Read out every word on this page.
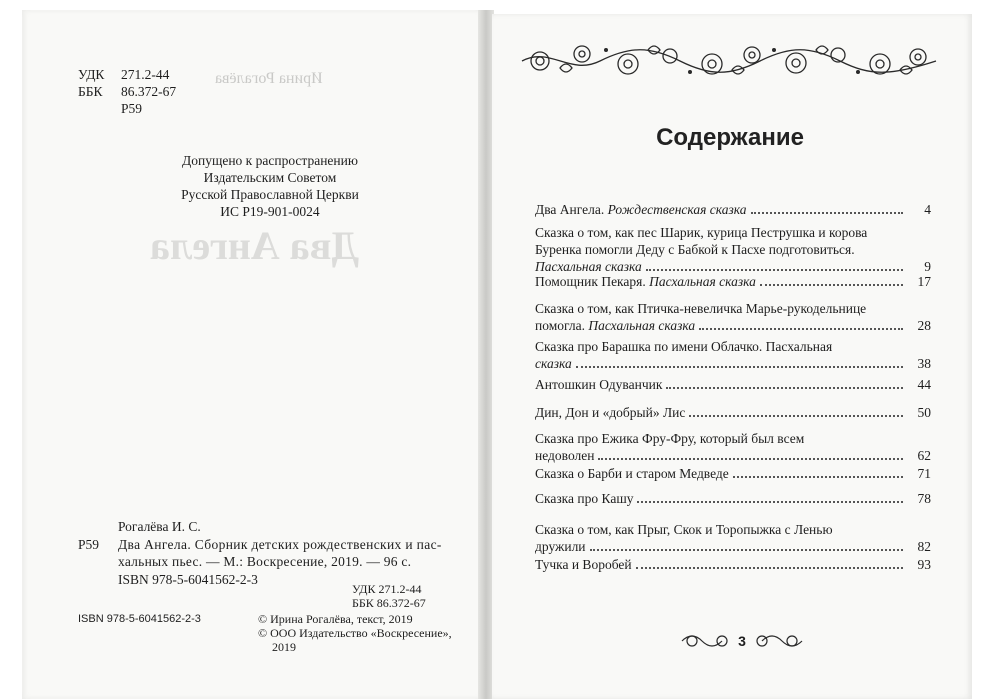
Ирина Рогалёва
Два Ангела
УДК 271.2-44
ББК 86.372-67
Р59
Допущено к распространению
Издательским Советом
Русской Православной Церкви
ИС Р19-901-0024
Рогалёва И. С.
Р59 Два Ангела. Сборник детских рождественских и пас-
хальных пьес. — М.: Воскресение, 2019. — 96 с.
ISBN 978-5-6041562-2-3
УДК 271.2-44
ББК 86.372-67
ISBN 978-5-6041562-2-3	© Ирина Рогалёва, текст, 2019
© ООО Издательство «Воскресение»,
2019
Содержание
Два Ангела. Рождественская сказка	4
Сказка о том, как пес Шарик, курица Пеструшка и корова
Буренка помогли Деду с Бабкой к Пасхе подготовиться.
Пасхальная сказка	9
Помощник Пекаря. Пасхальная сказка	17
Сказка о том, как Птичка-невеличка Марье-рукодельнице
помогла. Пасхальная сказка	28
Сказка про Барашка по имени Облачко. Пасхальная
сказка	38
Антошкин Одуванчик	44
Дин, Дон и «добрый» Лис	50
Сказка про Ежика Фру-Фру, который был всем
недоволен	62
Сказка о Барби и старом Медведе	71
Сказка про Кашу	78
Сказка о том, как Прыг, Скок и Торопыжка с Ленью
дружили	82
Тучка и Воробей	93
3
